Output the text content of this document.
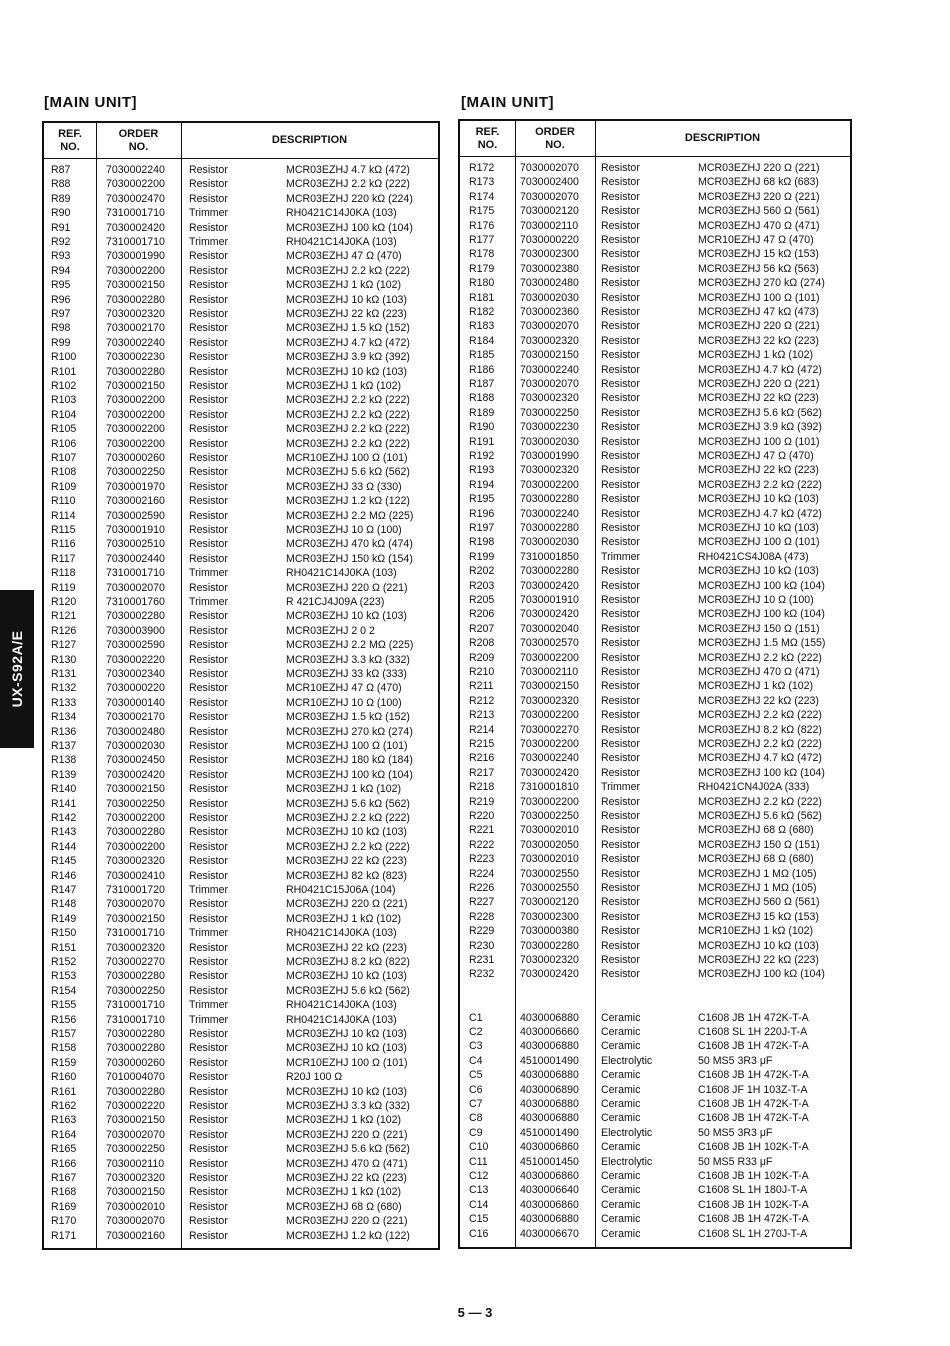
[MAIN UNIT]	[MAIN UNIT]
REF.
NO.
ORDER
NO.
DESCRIPTION
R87	7030002240 Resistor	MCR03EZHJ 4.7 kΩ (472)
R88	7030002200 Resistor	MCR03EZHJ 2.2 kΩ (222)
R89	7030002470 Resistor	MCR03EZHJ 220 kΩ (224)
R90	7310001710 Trimmer	RH0421C14J0KA (103)
R91	7030002420 Resistor	MCR03EZHJ 100 kΩ (104)
R92	7310001710 Trimmer	RH0421C14J0KA (103)
R93	7030001990 Resistor	MCR03EZHJ 47 Ω (470)
R94	7030002200 Resistor	MCR03EZHJ 2.2 kΩ (222)
R95	7030002150 Resistor	MCR03EZHJ 1 kΩ (102)
R96	7030002280 Resistor	MCR03EZHJ 10 kΩ (103)
R97	7030002320 Resistor	MCR03EZHJ 22 kΩ (223)
R98	7030002170 Resistor	MCR03EZHJ 1.5 kΩ (152)
R99	7030002240 Resistor	MCR03EZHJ 4.7 kΩ (472)
R100	7030002230 Resistor	MCR03EZHJ 3.9 kΩ (392)
R101	7030002280 Resistor	MCR03EZHJ 10 kΩ (103)
R102	7030002150 Resistor	MCR03EZHJ 1 kΩ (102)
R103	7030002200 Resistor	MCR03EZHJ 2.2 kΩ (222)
R104	7030002200 Resistor	MCR03EZHJ 2.2 kΩ (222)
R105	7030002200 Resistor	MCR03EZHJ 2.2 kΩ (222)
R106	7030002200 Resistor	MCR03EZHJ 2.2 kΩ (222)
R107	7030000260 Resistor	MCR10EZHJ 100 Ω (101)
R108	7030002250 Resistor	MCR03EZHJ 5.6 kΩ (562)
R109	7030001970 Resistor	MCR03EZHJ 33 Ω (330)
R110	7030002160 Resistor	MCR03EZHJ 1.2 kΩ (122)
R114	7030002590 Resistor	MCR03EZHJ 2.2 MΩ (225)
R115	7030001910 Resistor	MCR03EZHJ 10 Ω (100)
R116	7030002510 Resistor	MCR03EZHJ 470 kΩ (474)
R117	7030002440 Resistor	MCR03EZHJ 150 kΩ (154)
R118	7310001710 Trimmer	RH0421C14J0KA (103)
R119	7030002070 Resistor	MCR03EZHJ 220 Ω (221)
R120	7310001760 Trimmer	R 421CJ4J09A (223)
R121	7030002280 Resistor	MCR03EZHJ 10 kΩ (103)
R126	7030003900 Resistor	MCR03EZHJ 2 0 2
R127	7030002590 Resistor	MCR03EZHJ 2.2 MΩ (225)
R130	7030002220 Resistor	MCR03EZHJ 3.3 kΩ (332)
R131	7030002340 Resistor	MCR03EZHJ 33 kΩ (333)
R132	7030000220 Resistor	MCR10EZHJ 47 Ω (470)
R133	7030000140 Resistor	MCR10EZHJ 10 Ω (100)
R134	7030002170 Resistor	MCR03EZHJ 1.5 kΩ (152)
R136	7030002480 Resistor	MCR03EZHJ 270 kΩ (274)
R137	7030002030 Resistor	MCR03EZHJ 100 Ω (101)
R138	7030002450 Resistor	MCR03EZHJ 180 kΩ (184)
R139	7030002420 Resistor	MCR03EZHJ 100 kΩ (104)
R140	7030002150 Resistor	MCR03EZHJ 1 kΩ (102)
R141	7030002250 Resistor	MCR03EZHJ 5.6 kΩ (562)
R142	7030002200 Resistor	MCR03EZHJ 2.2 kΩ (222)
R143	7030002280 Resistor	MCR03EZHJ 10 kΩ (103)
R144	7030002200 Resistor	MCR03EZHJ 2.2 kΩ (222)
R145	7030002320 Resistor	MCR03EZHJ 22 kΩ (223)
R146	7030002410 Resistor	MCR03EZHJ 82 kΩ (823)
R147	7310001720 Trimmer	RH0421C15J06A (104)
R148	7030002070 Resistor	MCR03EZHJ 220 Ω (221)
R149	7030002150 Resistor	MCR03EZHJ 1 kΩ (102)
R150	7310001710 Trimmer	RH0421C14J0KA (103)
R151	7030002320 Resistor	MCR03EZHJ 22 kΩ (223)
R152	7030002270 Resistor	MCR03EZHJ 8.2 kΩ (822)
R153	7030002280 Resistor	MCR03EZHJ 10 kΩ (103)
R154	7030002250 Resistor	MCR03EZHJ 5.6 kΩ (562)
R155	7310001710 Trimmer	RH0421C14J0KA (103)
R156	7310001710 Trimmer	RH0421C14J0KA (103)
R157	7030002280 Resistor	MCR03EZHJ 10 kΩ (103)
R158	7030002280 Resistor	MCR03EZHJ 10 kΩ (103)
R159	7030000260 Resistor	MCR10EZHJ 100 Ω (101)
R160	7010004070 Resistor	R20J 100 Ω
R161	7030002280 Resistor	MCR03EZHJ 10 kΩ (103)
R162	7030002220 Resistor	MCR03EZHJ 3.3 kΩ (332)
R163	7030002150 Resistor	MCR03EZHJ 1 kΩ (102)
R164	7030002070 Resistor	MCR03EZHJ 220 Ω (221)
R165	7030002250 Resistor	MCR03EZHJ 5.6 kΩ (562)
R166	7030002110 Resistor	MCR03EZHJ 470 Ω (471)
R167	7030002320 Resistor	MCR03EZHJ 22 kΩ (223)
R168	7030002150 Resistor	MCR03EZHJ 1 kΩ (102)
R169	7030002010 Resistor	MCR03EZHJ 68 Ω (680)
R170	7030002070 Resistor	MCR03EZHJ 220 Ω (221)
R171	7030002160 Resistor	MCR03EZHJ 1.2 kΩ (122)
REF.
NO.
ORDER
NO.
DESCRIPTION
R172 7030002070 Resistor	MCR03EZHJ 220 Ω (221)
R173 7030002400 Resistor	MCR03EZHJ 68 kΩ (683)
R174 7030002070 Resistor	MCR03EZHJ 220 Ω (221)
R175 7030002120 Resistor	MCR03EZHJ 560 Ω (561)
R176 7030002110 Resistor	MCR03EZHJ 470 Ω (471)
R177 7030000220 Resistor	MCR10EZHJ 47 Ω (470)
R178 7030002300 Resistor	MCR03EZHJ 15 kΩ (153)
R179 7030002380 Resistor	MCR03EZHJ 56 kΩ (563)
R180 7030002480 Resistor	MCR03EZHJ 270 kΩ (274)
R181 7030002030 Resistor	MCR03EZHJ 100 Ω (101)
R182 7030002360 Resistor	MCR03EZHJ 47 kΩ (473)
R183 7030002070 Resistor	MCR03EZHJ 220 Ω (221)
R184 7030002320 Resistor	MCR03EZHJ 22 kΩ (223)
R185 7030002150 Resistor	MCR03EZHJ 1 kΩ (102)
R186 7030002240 Resistor	MCR03EZHJ 4.7 kΩ (472)
R187 7030002070 Resistor	MCR03EZHJ 220 Ω (221)
R188 7030002320 Resistor	MCR03EZHJ 22 kΩ (223)
R189 7030002250 Resistor	MCR03EZHJ 5.6 kΩ (562)
R190 7030002230 Resistor	MCR03EZHJ 3.9 kΩ (392)
R191 7030002030 Resistor	MCR03EZHJ 100 Ω (101)
R192 7030001990 Resistor	MCR03EZHJ 47 Ω (470)
R193 7030002320 Resistor	MCR03EZHJ 22 kΩ (223)
R194 7030002200 Resistor	MCR03EZHJ 2.2 kΩ (222)
R195 7030002280 Resistor	MCR03EZHJ 10 kΩ (103)
R196 7030002240 Resistor	MCR03EZHJ 4.7 kΩ (472)
R197 7030002280 Resistor	MCR03EZHJ 10 kΩ (103)
R198 7030002030 Resistor	MCR03EZHJ 100 Ω (101)
R199 7310001850 Trimmer	RH0421CS4J08A (473)
R202 7030002280 Resistor	MCR03EZHJ 10 kΩ (103)
R203 7030002420 Resistor	MCR03EZHJ 100 kΩ (104)
R205 7030001910 Resistor	MCR03EZHJ 10 Ω (100)
R206 7030002420 Resistor	MCR03EZHJ 100 kΩ (104)
R207 7030002040 Resistor	MCR03EZHJ 150 Ω (151)
R208 7030002570 Resistor	MCR03EZHJ 1.5 MΩ (155)
R209 7030002200 Resistor	MCR03EZHJ 2.2 kΩ (222)
R210 7030002110 Resistor	MCR03EZHJ 470 Ω (471)
R211 7030002150 Resistor	MCR03EZHJ 1 kΩ (102)
R212 7030002320 Resistor	MCR03EZHJ 22 kΩ (223)
R213 7030002200 Resistor	MCR03EZHJ 2.2 kΩ (222)
R214 7030002270 Resistor	MCR03EZHJ 8.2 kΩ (822)
R215 7030002200 Resistor	MCR03EZHJ 2.2 kΩ (222)
R216 7030002240 Resistor	MCR03EZHJ 4.7 kΩ (472)
R217 7030002420 Resistor	MCR03EZHJ 100 kΩ (104)
R218 7310001810 Trimmer	RH0421CN4J02A (333)
R219 7030002200 Resistor	MCR03EZHJ 2.2 kΩ (222)
R220 7030002250 Resistor	MCR03EZHJ 5.6 kΩ (562)
R221 7030002010 Resistor	MCR03EZHJ 68 Ω (680)
R222 7030002050 Resistor	MCR03EZHJ 150 Ω (151)
R223 7030002010 Resistor	MCR03EZHJ 68 Ω (680)
R224 7030002550 Resistor	MCR03EZHJ 1 MΩ (105)
R226 7030002550 Resistor	MCR03EZHJ 1 MΩ (105)
R227 7030002120 Resistor	MCR03EZHJ 560 Ω (561)
R228 7030002300 Resistor	MCR03EZHJ 15 kΩ (153)
R229 7030000380 Resistor	MCR10EZHJ 1 kΩ (102)
R230 7030002280 Resistor	MCR03EZHJ 10 kΩ (103)
R231 7030002320 Resistor	MCR03EZHJ 22 kΩ (223)
R232 7030002420 Resistor	MCR03EZHJ 100 kΩ (104)
C1	4030006880 Ceramic	C1608 JB 1H 472K-T-A
C2	4030006660 Ceramic	C1608 SL 1H 220J-T-A
C3	4030006880 Ceramic	C1608 JB 1H 472K-T-A
C4	4510001490 Electrolytic	50 MS5 3R3 μF
C5	4030006880 Ceramic	C1608 JB 1H 472K-T-A
C6	4030006890 Ceramic	C1608 JF 1H 103Z-T-A
C7	4030006880 Ceramic	C1608 JB 1H 472K-T-A
C8	4030006880 Ceramic	C1608 JB 1H 472K-T-A
C9	4510001490 Electrolytic	50 MS5 3R3 μF
C10	4030006860 Ceramic	C1608 JB 1H 102K-T-A
C11	4510001450 Electrolytic	50 MS5 R33 μF
C12	4030006860 Ceramic	C1608 JB 1H 102K-T-A
C13	4030006640 Ceramic	C1608 SL 1H 180J-T-A
C14	4030006860 Ceramic	C1608 JB 1H 102K-T-A
C15	4030006880 Ceramic	C1608 JB 1H 472K-T-A
C16	4030006670 Ceramic	C1608 SL 1H 270J-T-A
UX-S92A/E
5 — 3
